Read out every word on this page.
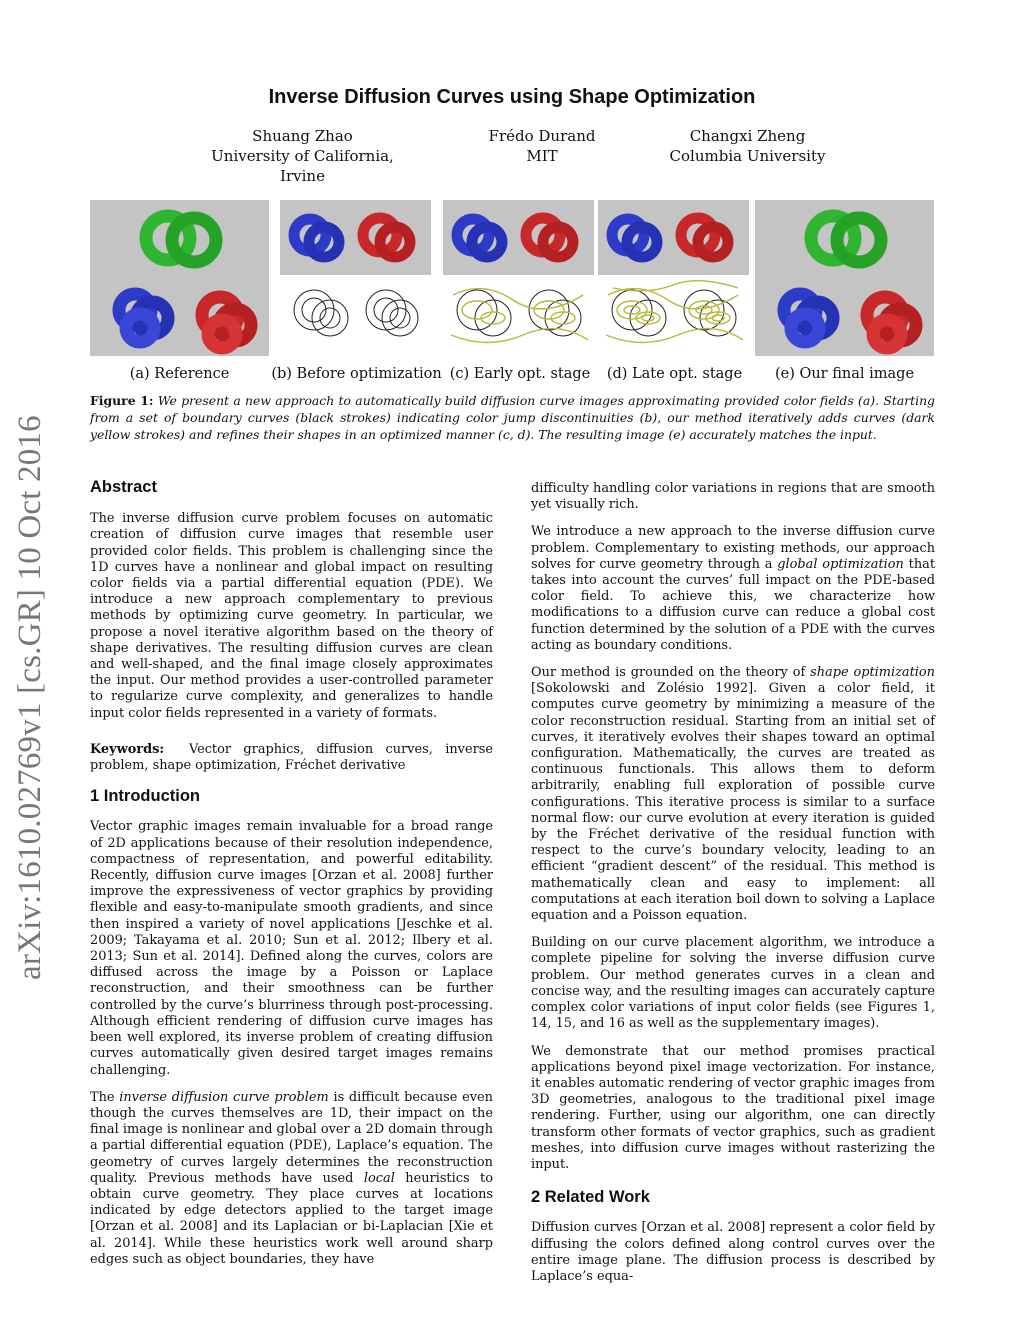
Inverse Diffusion Curves using Shape Optimization
Shuang Zhao
University of California, Irvine
Frédo Durand
MIT
Changxi Zheng
Columbia University
arXiv:1610.02769v1 [cs.GR] 10 Oct 2016
(a) Reference	(b) Before optimization (c) Early opt. stage	(d) Late opt. stage	(e) Our final image
Figure 1: We present a new approach to automatically build diffusion curve images approximating provided color fields (a). Starting from a set of boundary curves (black strokes) indicating color jump discontinuities (b), our method iteratively adds curves (dark yellow strokes) and refines their shapes in an optimized manner (c, d). The resulting image (e) accurately matches the input.
Abstract

The inverse diffusion curve problem focuses on automatic creation of diffusion curve images that resemble user provided color fields. This problem is challenging since the 1D curves have a nonlinear and global impact on resulting color fields via a partial differential equation (PDE). We introduce a new approach complementary to previous methods by optimizing curve geometry. In particular, we propose a novel iterative algorithm based on the theory of shape derivatives. The resulting diffusion curves are clean and well-shaped, and the final image closely approximates the input. Our method provides a user-controlled parameter to regularize curve complexity, and generalizes to handle input color fields represented in a variety of formats.

Keywords: Vector graphics, diffusion curves, inverse problem, shape optimization, Fréchet derivative

1 Introduction

Vector graphic images remain invaluable for a broad range of 2D applications because of their resolution independence, compactness of representation, and powerful editability. Recently, diffusion curve images [Orzan et al. 2008] further improve the expressiveness of vector graphics by providing flexible and easy-to-manipulate smooth gradients, and since then inspired a variety of novel applications [Jeschke et al. 2009; Takayama et al. 2010; Sun et al. 2012; Ilbery et al. 2013; Sun et al. 2014]. Defined along the curves, colors are diffused across the image by a Poisson or Laplace reconstruction, and their smoothness can be further controlled by the curve’s blurriness through post-processing. Although efficient rendering of diffusion curve images has been well explored, its inverse problem of creating diffusion curves automatically given desired target images remains challenging.

The inverse diffusion curve problem is difficult because even though the curves themselves are 1D, their impact on the final image is nonlinear and global over a 2D domain through a partial differential equation (PDE), Laplace’s equation. The geometry of curves largely determines the reconstruction quality. Previous methods have used local heuristics to obtain curve geometry. They place curves at locations indicated by edge detectors applied to the target image [Orzan et al. 2008] and its Laplacian or bi-Laplacian [Xie et al. 2014]. While these heuristics work well around sharp edges such as object boundaries, they have

difficulty handling color variations in regions that are smooth yet visually rich.

We introduce a new approach to the inverse diffusion curve problem. Complementary to existing methods, our approach solves for curve geometry through a global optimization that takes into account the curves’ full impact on the PDE-based color field. To achieve this, we characterize how modifications to a diffusion curve can reduce a global cost function determined by the solution of a PDE with the curves acting as boundary conditions.

Our method is grounded on the theory of shape optimization [Sokolowski and Zolésio 1992]. Given a color field, it computes curve geometry by minimizing a measure of the color reconstruction residual. Starting from an initial set of curves, it iteratively evolves their shapes toward an optimal configuration. Mathematically, the curves are treated as continuous functionals. This allows them to deform arbitrarily, enabling full exploration of possible curve configurations. This iterative process is similar to a surface normal flow: our curve evolution at every iteration is guided by the Fréchet derivative of the residual function with respect to the curve’s boundary velocity, leading to an efficient “gradient descent” of the residual. This method is mathematically clean and easy to implement: all computations at each iteration boil down to solving a Laplace equation and a Poisson equation.

Building on our curve placement algorithm, we introduce a complete pipeline for solving the inverse diffusion curve problem. Our method generates curves in a clean and concise way, and the resulting images can accurately capture complex color variations of input color fields (see Figures 1, 14, 15, and 16 as well as the supplementary images).

We demonstrate that our method promises practical applications beyond pixel image vectorization. For instance, it enables automatic rendering of vector graphic images from 3D geometries, analogous to the traditional pixel image rendering. Further, using our algorithm, one can directly transform other formats of vector graphics, such as gradient meshes, into diffusion curve images without rasterizing the input.

2 Related Work

Diffusion curves [Orzan et al. 2008] represent a color field by diffusing the colors defined along control curves over the entire image plane. The diffusion process is described by Laplace’s equa-
